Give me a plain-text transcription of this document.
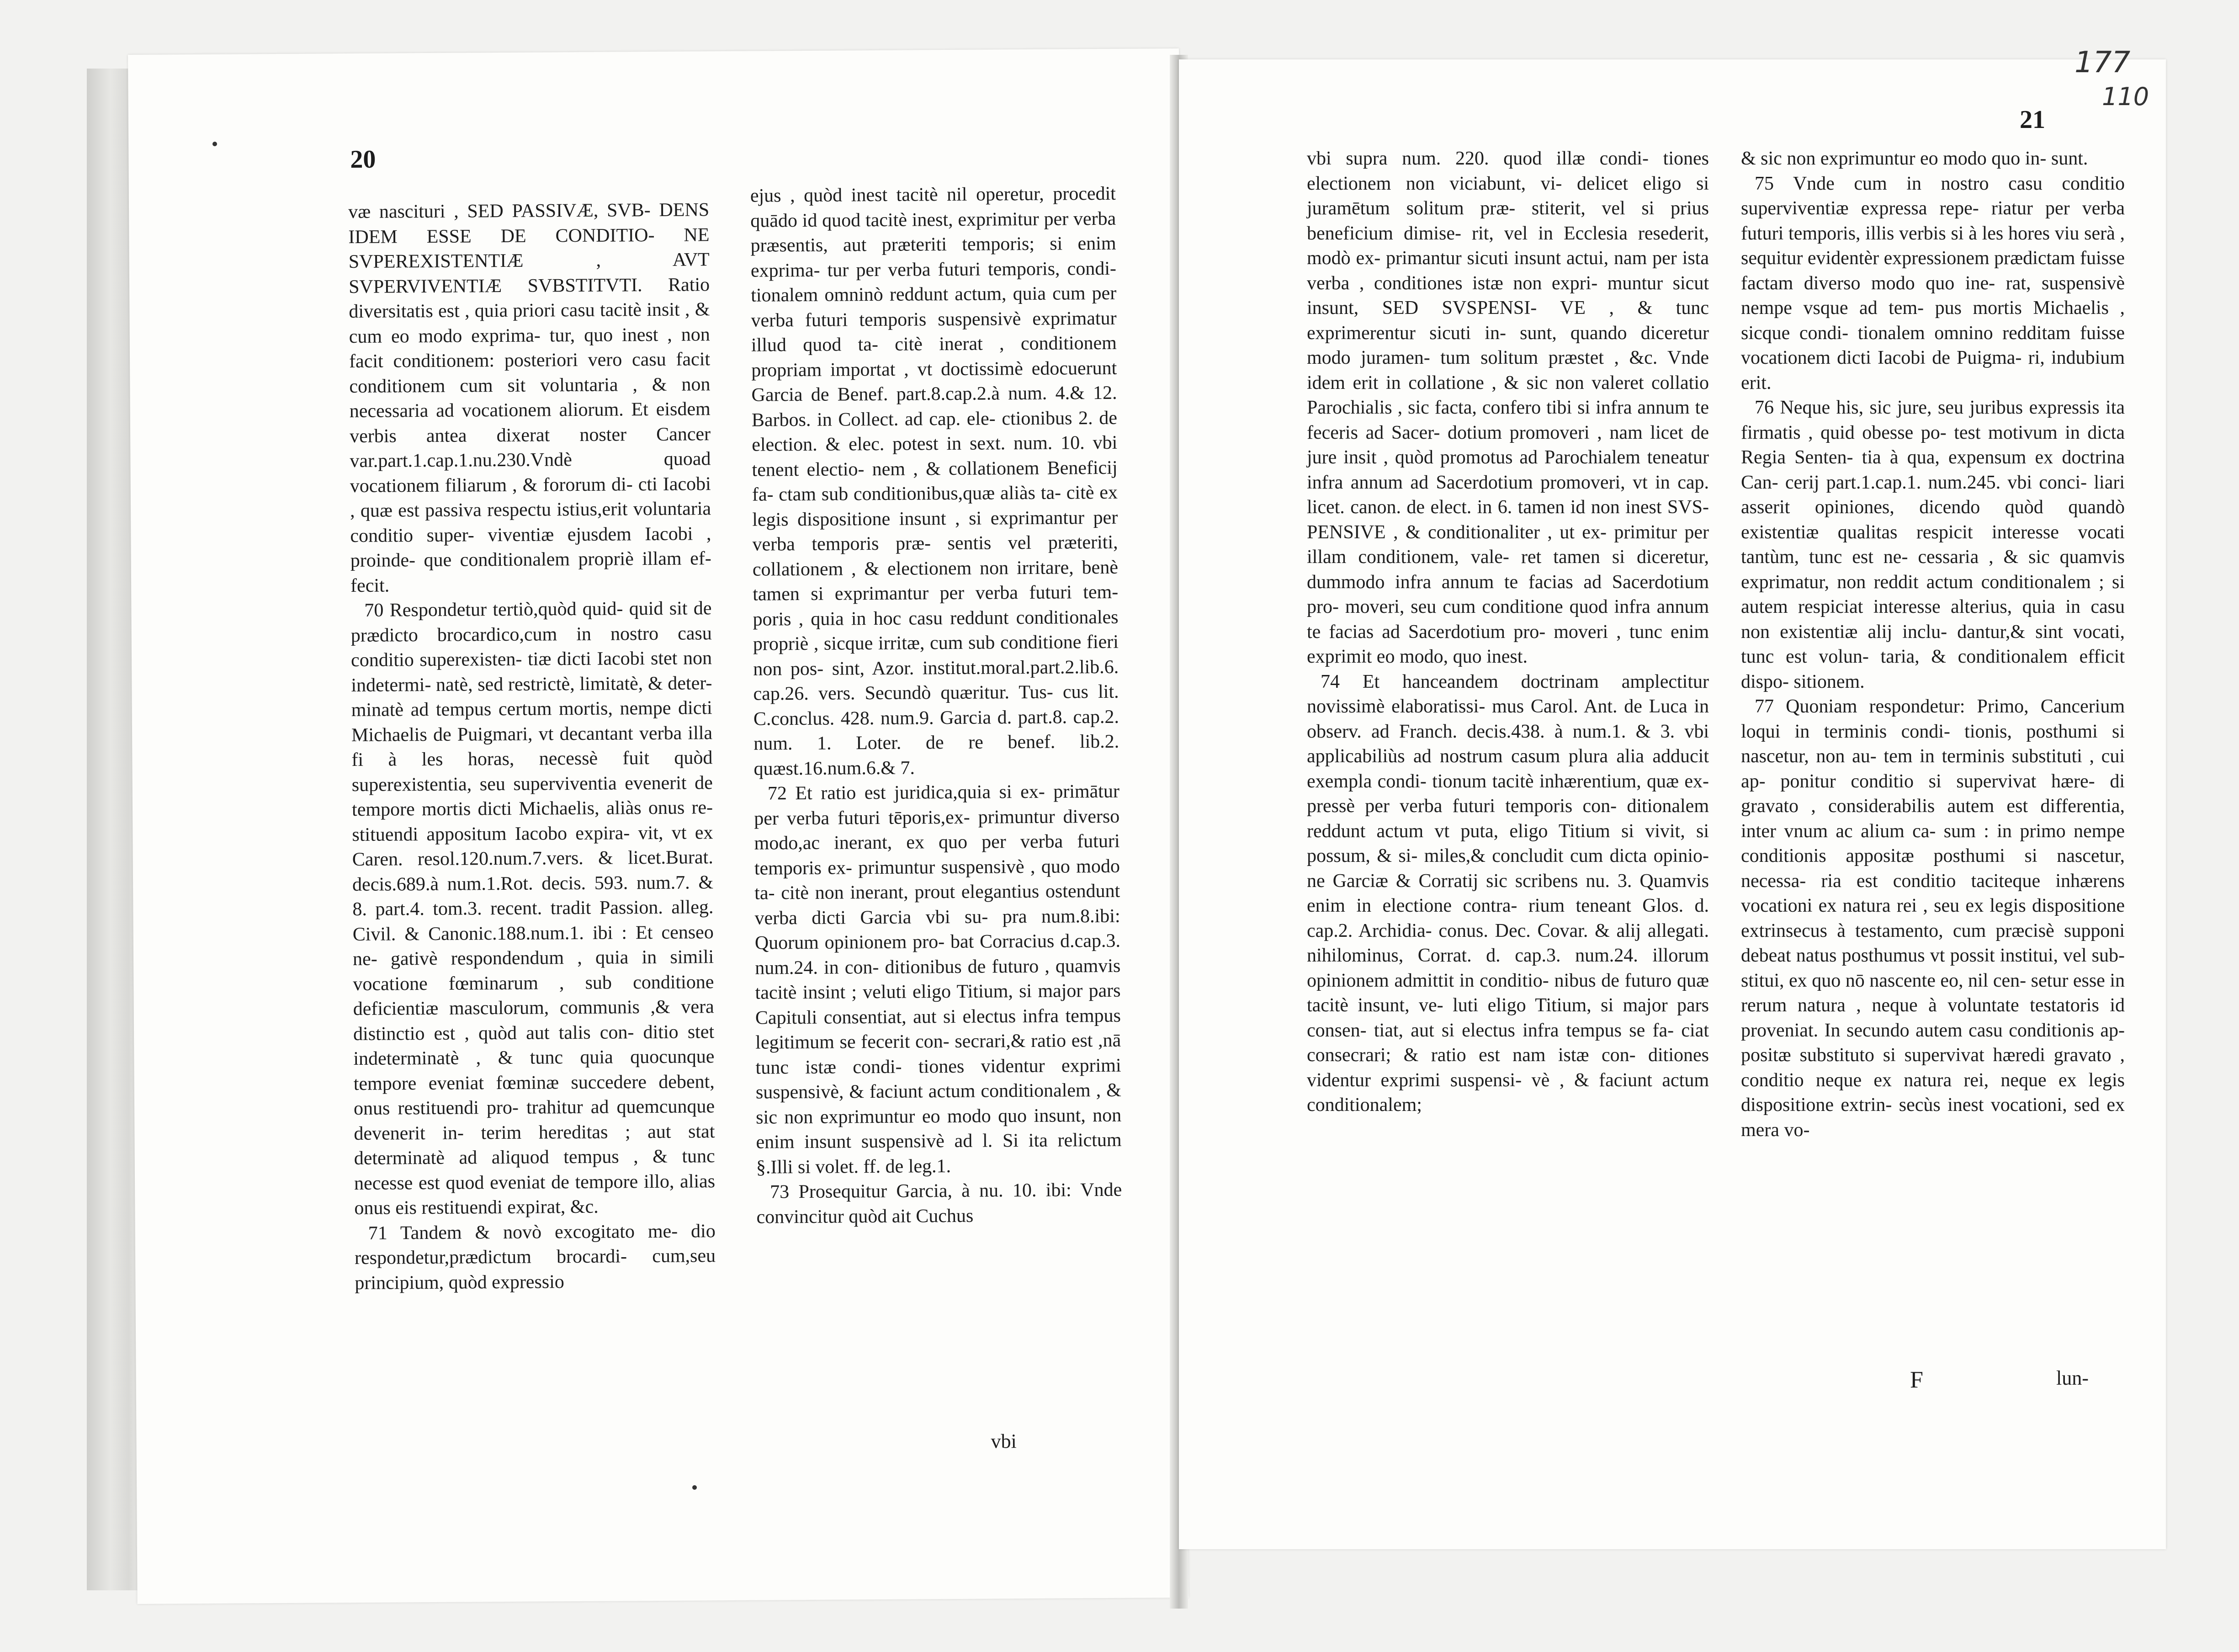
20

væ nasciturі , SED PASSIVÆ, SVB- DENS IDEM ESSE DE CONDITIO- NE SVPEREXISTENTIÆ , AVT SVPERVIVENTIÆ SVBSTITVTI. Ratio diversitatis est , quia priori casu tacitè insit , & cum eo modo exprima- tur, quo inest , non facit conditionem: posteriori vero casu facit conditionem cum sit voluntaria , & non necessaria ad vocationem aliorum. Et eisdem verbis antea dixerat noster Cancer var.part.1.cap.1.nu.230.Vndè quoad vocationem filiarum , & fororum di- cti Iacobi , quæ est passiva respectu istius,erit voluntaria conditio super- viventiæ ejusdem Iacobi , proinde- que conditionalem propriè illam ef- fecit.

70 Respondetur tertiò,quòd quid- quid sit de prædicto brocardico,cum in nostro casu conditio superexisten- tiæ dicti Iacobi stet non indetermi- natè, sed restrictè, limitatè, & deter- minatè ad tempus certum mortis, nempe dicti Michaelis de Puigmari, vt decantant verba illa fi à les horas, necessè fuit quòd superexistentia, seu superviventia evenerit de tempore mortis dicti Michaelis, aliàs onus re- stituendi appositum Iacobo expira- vit, vt ex Caren. resol.120.num.7.vers. & licet.Burat. decis.689.à num.1.Rot. decis. 593. num.7. & 8. part.4. tom.3. recent. tradit Passion. alleg. Civil. & Canonic.188.num.1. ibi : Et censeo ne- gativè respondendum , quia in simili vocatione fœminarum , sub conditione deficientiæ masculorum, communis ,& vera distinctio est , quòd aut talis con- ditio stet indeterminatè , & tunc quia quocunque tempore eveniat fœminæ succedere debent, onus restituendi pro- trahitur ad quemcunque devenerit in- terim hereditas ; aut stat determinatè ad aliquod tempus , & tunc necesse est quod eveniat de tempore illo, alias onus eis restituendi expirat, &c.

71 Tandem & novò excogitato me- dio respondetur,prædictum brocardi- cum,seu principium, quòd expressio

ejus , quòd inest tacitè nil operetur, procedit quādo id quod tacitè inest, exprimitur per verba præsentis, aut præteriti temporis; si enim exprima- tur per verba futuri temporis, condi- tionalem omninò reddunt actum, quia cum per verba futuri temporis suspensivè exprimatur illud quod ta- citè inerat , conditionem propriam importat , vt doctissimè edocuerunt Garcia de Benef. part.8.cap.2.à num. 4.& 12. Barbos. in Collect. ad cap. ele- ctionibus 2. de election. & elec. potest in sext. num. 10. vbi tenent electio- nem , & collationem Beneficij fa- ctam sub conditionibus,quæ aliàs ta- citè ex legis dispositione insunt , si exprimantur per verba temporis præ- sentis vel præteriti, collationem , & electionem non irritare, benè tamen si exprimantur per verba futuri tem- poris , quia in hoc casu reddunt conditionales propriè , sicque irritæ, cum sub conditione fieri non pos- sint, Azor. institut.moral.part.2.lib.6. cap.26. vers. Secundò quæritur. Tus- cus lit. C.conclus. 428. num.9. Garcia d. part.8. cap.2. num. 1. Loter. de re benef. lib.2. quæst.16.num.6.& 7.

72 Et ratio est juridica,quia si ex- primātur per verba futuri tēporis,ex- primuntur diverso modo,ac inerant, ex quo per verba futuri temporis ex- primuntur suspensivè , quo modo ta- citè non inerant, prout elegantius ostendunt verba dicti Garcia vbi su- pra num.8.ibi: Quorum opinionem pro- bat Corracius d.cap.3. num.24. in con- ditionibus de futuro , quamvis tacitè insint ; veluti eligo Titium, si major pars Capituli consentiat, aut si electus infra tempus legitimum se fecerit con- secrari,& ratio est ,nā tunc istæ condi- tiones videntur exprimi suspensivè, & faciunt actum conditionalem , & sic non exprimuntur eo modo quo insunt, non enim insunt suspensivè ad l. Si ita relictum §.Illi si volet. ff. de leg.1.

73 Prosequitur Garcia, à nu. 10. ibi: Vnde convincitur quòd ait Cuchus

vbi
21

vbi supra num. 220. quod illæ condi- tiones electionem non viciabunt, vi- delicet eligo si juramētum solitum præ- stiterit, vel si prius beneficium dimise- rit, vel in Ecclesia resederit, modò ex- primantur sicuti insunt actui, nam per ista verba , conditiones istæ non expri- muntur sicut insunt, SED SVSPENSI- VE , & tunc exprimerentur sicuti in- sunt, quando diceretur modo juramen- tum solitum præstet , &c. Vnde idem erit in collatione , & sic non valeret collatio Parochialis , sic facta, confero tibi si infra annum te feceris ad Sacer- dotium promoveri , nam licet de jure insit , quòd promotus ad Parochialem teneatur infra annum ad Sacerdotium promoveri, vt in cap. licet. canon. de elect. in 6. tamen id non inest SVS- PENSIVE , & conditionaliter , ut ex- primitur per illam conditionem, vale- ret tamen si diceretur, dummodo infra annum te facias ad Sacerdotium pro- moveri, seu cum conditione quod infra annum te facias ad Sacerdotium pro- moveri , tunc enim exprimit eo modo, quo inest.

74 Et hanceandem doctrinam amplectitur novissimè elaboratissi- mus Carol. Ant. de Luca in observ. ad Franch. decis.438. à num.1. & 3. vbi applicabiliùs ad nostrum casum plura alia adducit exempla condi- tionum tacitè inhærentium, quæ ex- pressè per verba futuri temporis con- ditionalem reddunt actum vt puta, eligo Titium si vivit, si possum, & si- miles,& concludit cum dicta opinio- ne Garciæ & Corratij sic scribens nu. 3. Quamvis enim in electione contra- rium teneant Glos. d. cap.2. Archidia- conus. Dec. Covar. & alij allegati. nihilominus, Corrat. d. cap.3. num.24. illorum opinionem admittit in conditio- nibus de futuro quæ tacitè insunt, ve- luti eligo Titium, si major pars consen- tiat, aut si electus infra tempus se fa- ciat consecrari; & ratio est nam istæ con- ditiones videntur exprimi suspensi- vè , & faciunt actum conditionalem;

& sic non exprimuntur eo modo quo in- sunt.

75 Vnde cum in nostro casu conditio superviventiæ expressa repe- riatur per verba futuri temporis, illis verbis si à les hores viu serà , sequitur evidentèr expressionem prædictam fuisse factam diverso modo quo ine- rat, suspensivè nempe vsque ad tem- pus mortis Michaelis , sicque condi- tionalem omnino redditam fuisse vocationem dicti Iacobi de Puigma- ri, indubium erit.

76 Neque his, sic jure, seu juribus expressis ita firmatis , quid obesse po- test motivum in dicta Regia Senten- tia à qua, expensum ex doctrina Can- cerij part.1.cap.1. num.245. vbi conci- liari asserit opiniones, dicendo quòd quandò existentiæ qualitas respicit interesse vocati tantùm, tunc est ne- cessaria , & sic quamvis exprimatur, non reddit actum conditionalem ; si autem respiciat interesse alterius, quia in casu non existentiæ alij inclu- dantur,& sint vocati, tunc est volun- taria, & conditionalem efficit dispo- sitionem.

77 Quoniam respondetur: Primo, Cancerium loqui in terminis condi- tionis, posthumi si nascetur, non au- tem in terminis substituti , cui ap- ponitur conditio si supervivat hære- di gravato , considerabilis autem est differentia, inter vnum ac alium ca- sum : in primo nempe conditionis appositæ posthumi si nascetur, necessa- ria est conditio taciteque inhærens vocationi ex natura rei , seu ex legis dispositione extrinsecus à testamento, cum præcisè supponi debeat natus posthumus vt possit institui, vel sub- stitui, ex quo nō nascente eo, nil cen- setur esse in rerum natura , neque à voluntate testatoris id proveniat. In secundo autem casu conditionis ap- positæ substituto si supervivat hæredi gravato , conditio neque ex natura rei, neque ex legis dispositione extrin- secùs inest vocationi, sed ex mera vo-

F	lun-
177
110
